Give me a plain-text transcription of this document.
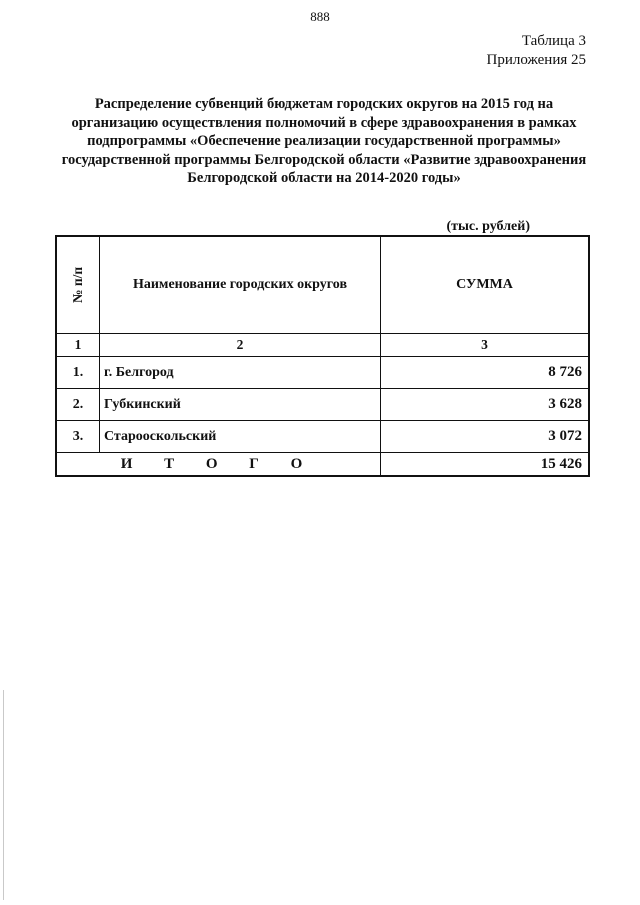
888
Таблица 3
Приложения 25
Распределение субвенций бюджетам городских округов на 2015 год на организацию осуществления полномочий в сфере здравоохранения в рамках подпрограммы «Обеспечение реализации государственной программы» государственной программы Белгородской области «Развитие здравоохранения Белгородской области на 2014-2020 годы»
(тыс. рублей)
№ п/п	Наименование городских округов	СУММА
1	2	3
1.	г. Белгород	8 726
2.	Губкинский	3 628
3.	Старооскольский	3 072
И Т О Г О		15 426
